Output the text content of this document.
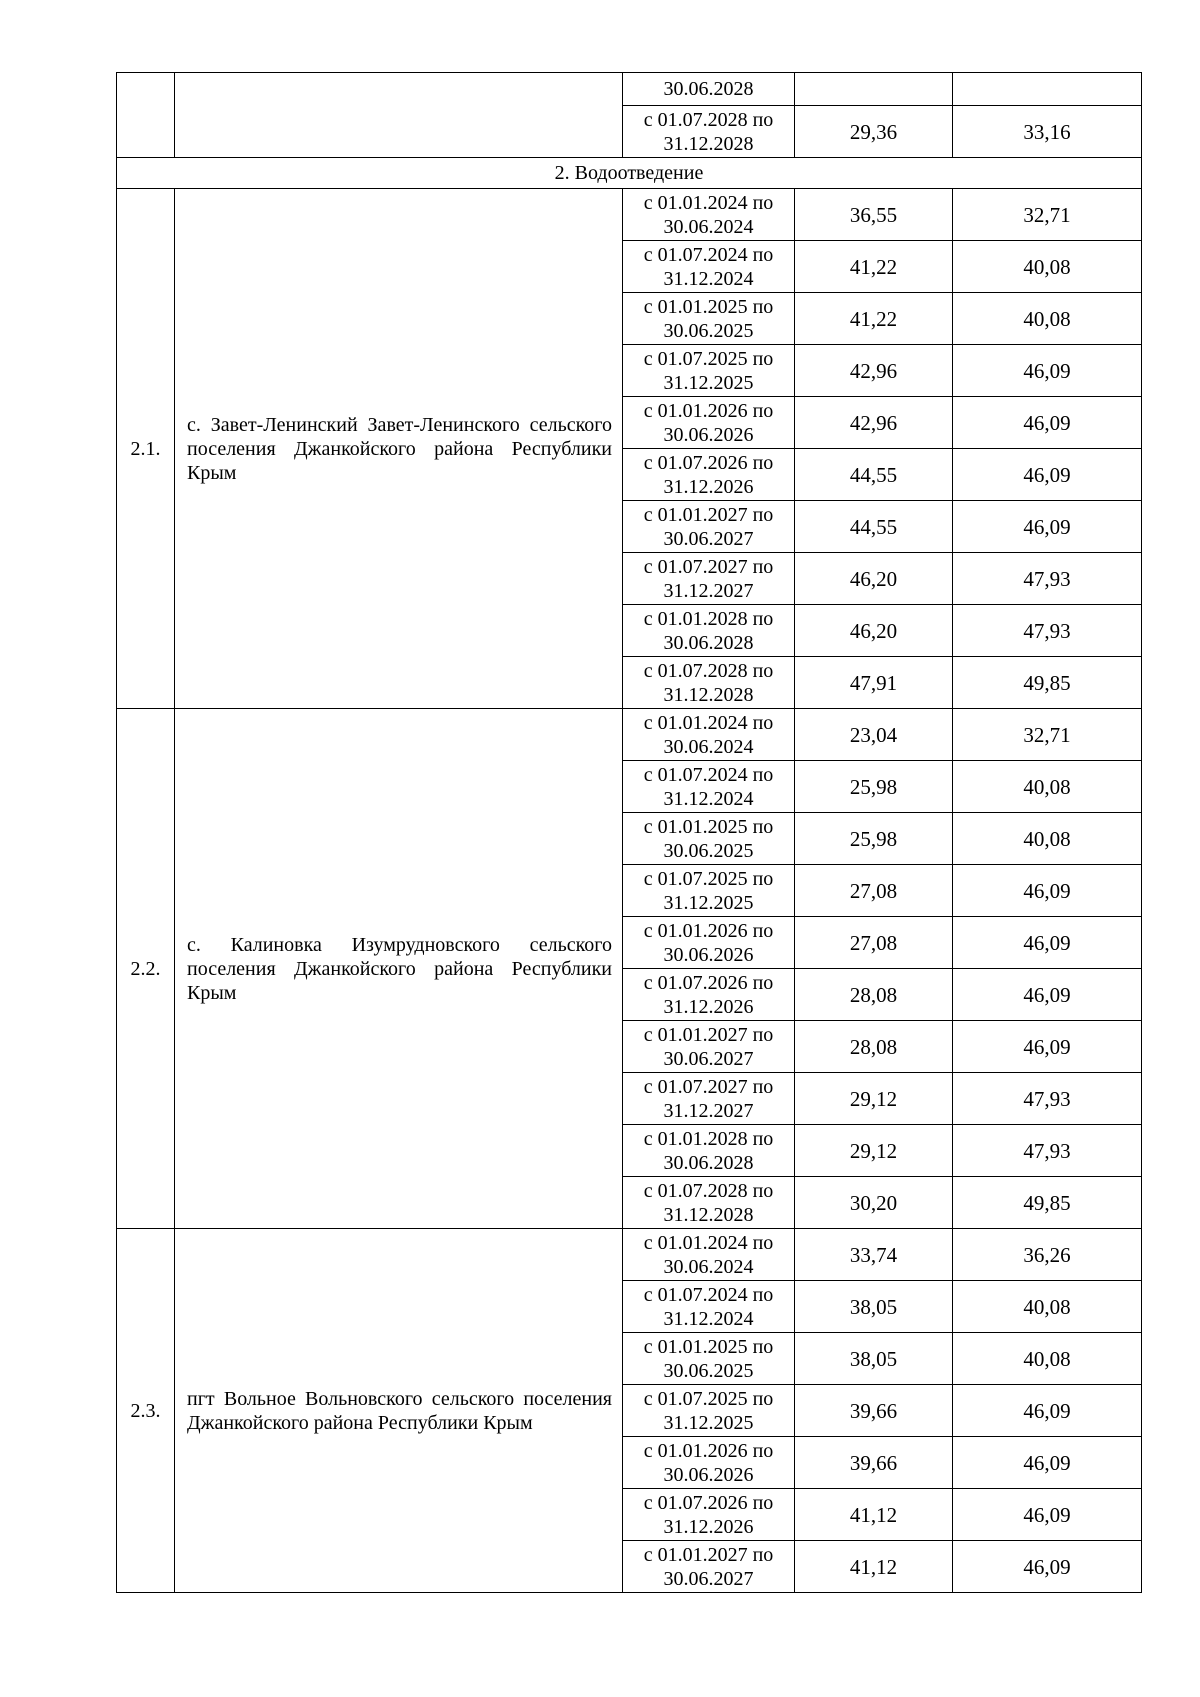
		30.06.2028		

		с 01.07.2028 по
31.12.2028	29,36	33,16
2. Водоотведение				
2.1.	с. Завет-Ленинский Завет-Ленинского сельского поселения Джанкойского района Республики Крым	с 01.01.2024 по
30.06.2024	36,55	32,71

		с 01.07.2024 по
31.12.2024	41,22	40,08

		с 01.01.2025 по
30.06.2025	41,22	40,08

		с 01.07.2025 по
31.12.2025	42,96	46,09

		с 01.01.2026 по
30.06.2026	42,96	46,09

		с 01.07.2026 по
31.12.2026	44,55	46,09

		с 01.01.2027 по
30.06.2027	44,55	46,09

		с 01.07.2027 по
31.12.2027	46,20	47,93

		с 01.01.2028 по
30.06.2028	46,20	47,93

		с 01.07.2028 по
31.12.2028	47,91	49,85
2.2.	с. Калиновка Изумрудновского сельского поселения Джанкойского района Республики Крым	с 01.01.2024 по
30.06.2024	23,04	32,71

		с 01.07.2024 по
31.12.2024	25,98	40,08

		с 01.01.2025 по
30.06.2025	25,98	40,08

		с 01.07.2025 по
31.12.2025	27,08	46,09

		с 01.01.2026 по
30.06.2026	27,08	46,09

		с 01.07.2026 по
31.12.2026	28,08	46,09

		с 01.01.2027 по
30.06.2027	28,08	46,09

		с 01.07.2027 по
31.12.2027	29,12	47,93

		с 01.01.2028 по
30.06.2028	29,12	47,93

		с 01.07.2028 по
31.12.2028	30,20	49,85
2.3.	пгт Вольное Вольновского сельского поселения Джанкойского района Республики Крым	с 01.01.2024 по
30.06.2024	33,74	36,26

		с 01.07.2024 по
31.12.2024	38,05	40,08

		с 01.01.2025 по
30.06.2025	38,05	40,08

		с 01.07.2025 по
31.12.2025	39,66	46,09

		с 01.01.2026 по
30.06.2026	39,66	46,09

		с 01.07.2026 по
31.12.2026	41,12	46,09

		с 01.01.2027 по
30.06.2027	41,12	46,09
